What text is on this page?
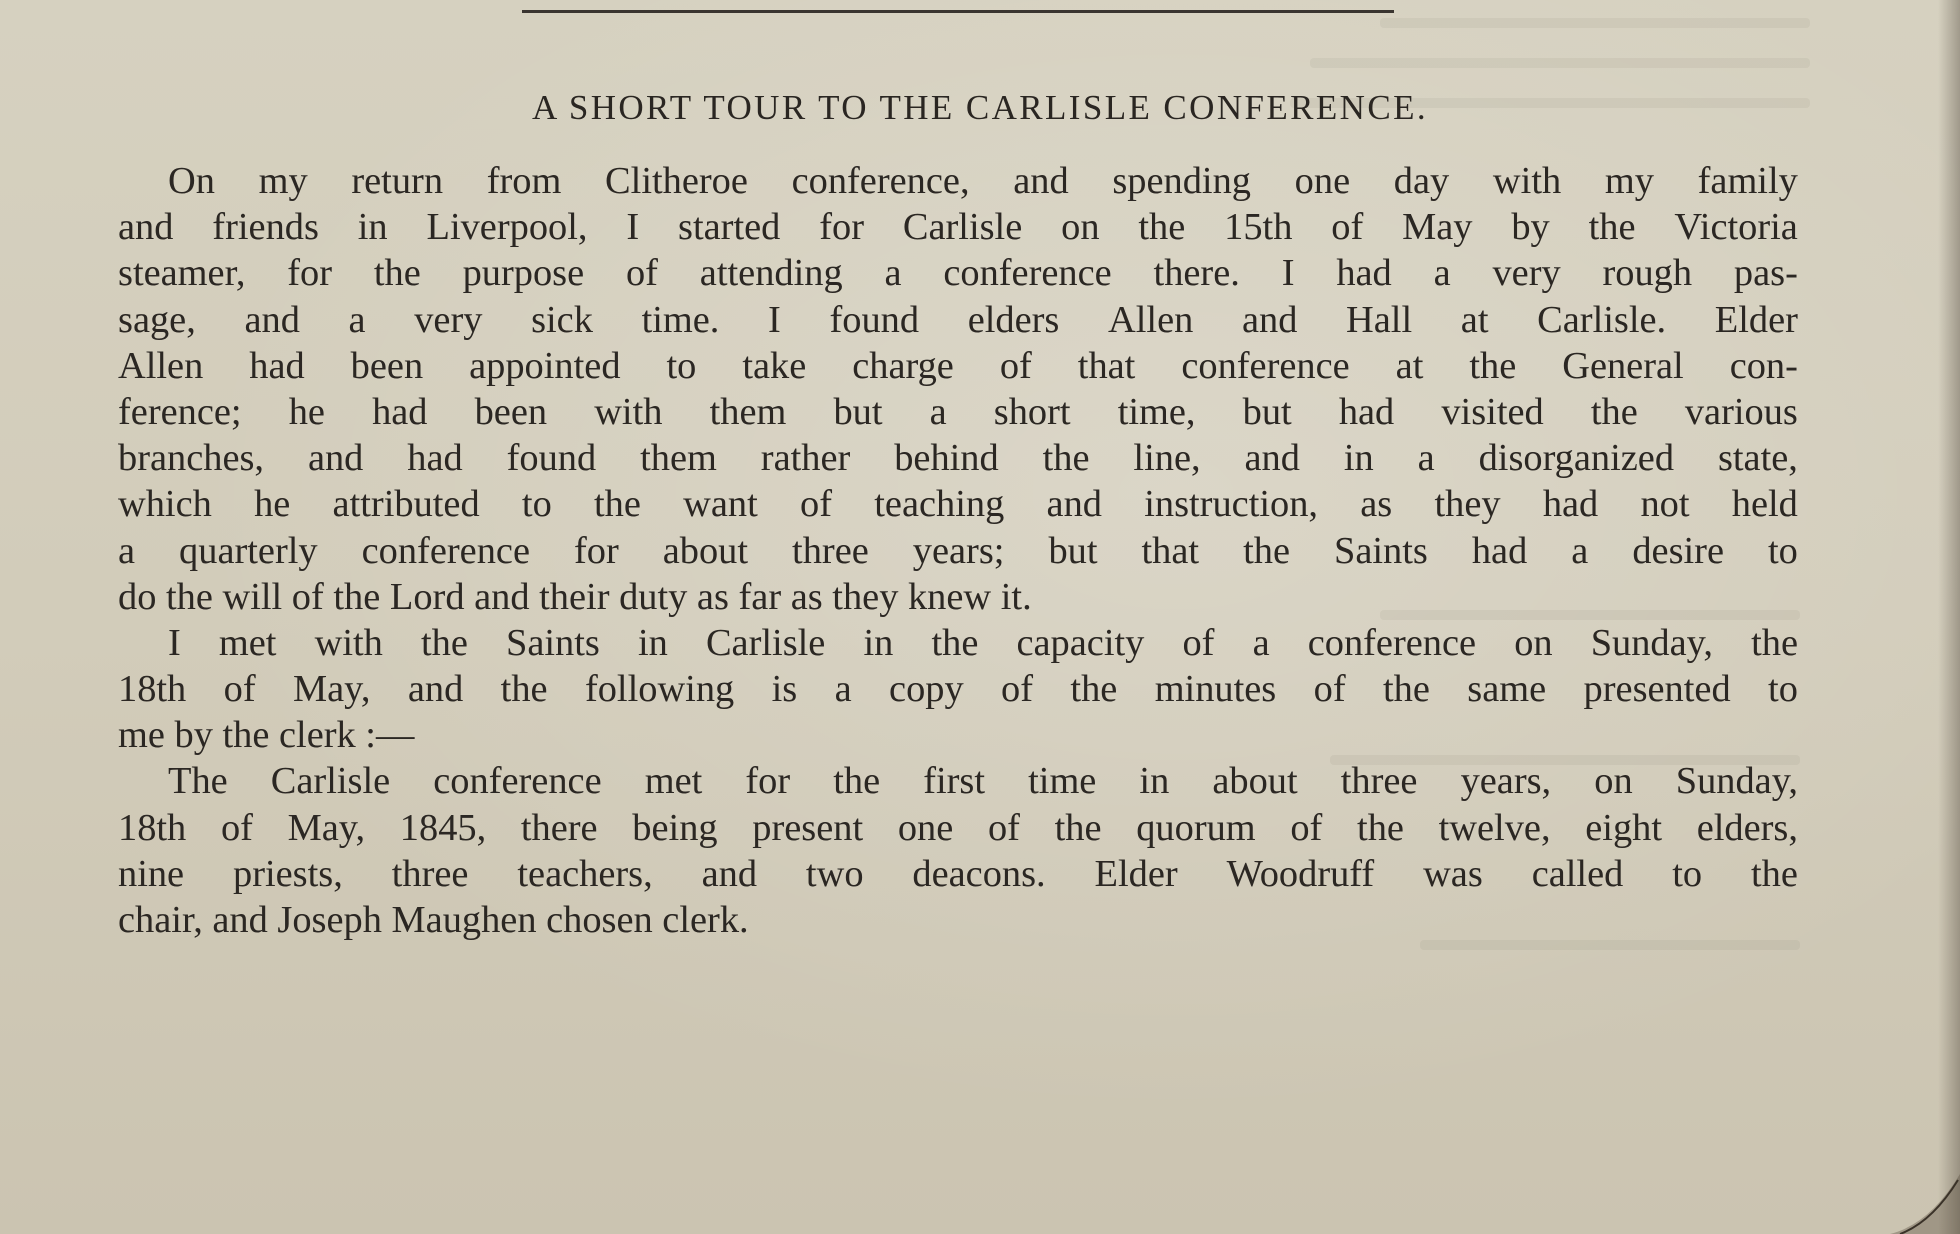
A SHORT TOUR TO THE CARLISLE CONFERENCE.
On my return from Clitheroe conference, and spending one day with my family
and friends in Liverpool, I started for Carlisle on the 15th of May by the Victoria
steamer, for the purpose of attending a conference there. I had a very rough pas-
sage, and a very sick time. I found elders Allen and Hall at Carlisle. Elder
Allen had been appointed to take charge of that conference at the General con-
ference; he had been with them but a short time, but had visited the various
branches, and had found them rather behind the line, and in a disorganized state,
which he attributed to the want of teaching and instruction, as they had not held
a quarterly conference for about three years; but that the Saints had a desire to
do the will of the Lord and their duty as far as they knew it.
I met with the Saints in Carlisle in the capacity of a conference on Sunday, the
18th of May, and the following is a copy of the minutes of the same presented to
me by the clerk :—
The Carlisle conference met for the first time in about three years, on Sunday,
18th of May, 1845, there being present one of the quorum of the twelve, eight elders,
nine priests, three teachers, and two deacons. Elder Woodruff was called to the
chair, and Joseph Maughen chosen clerk.
